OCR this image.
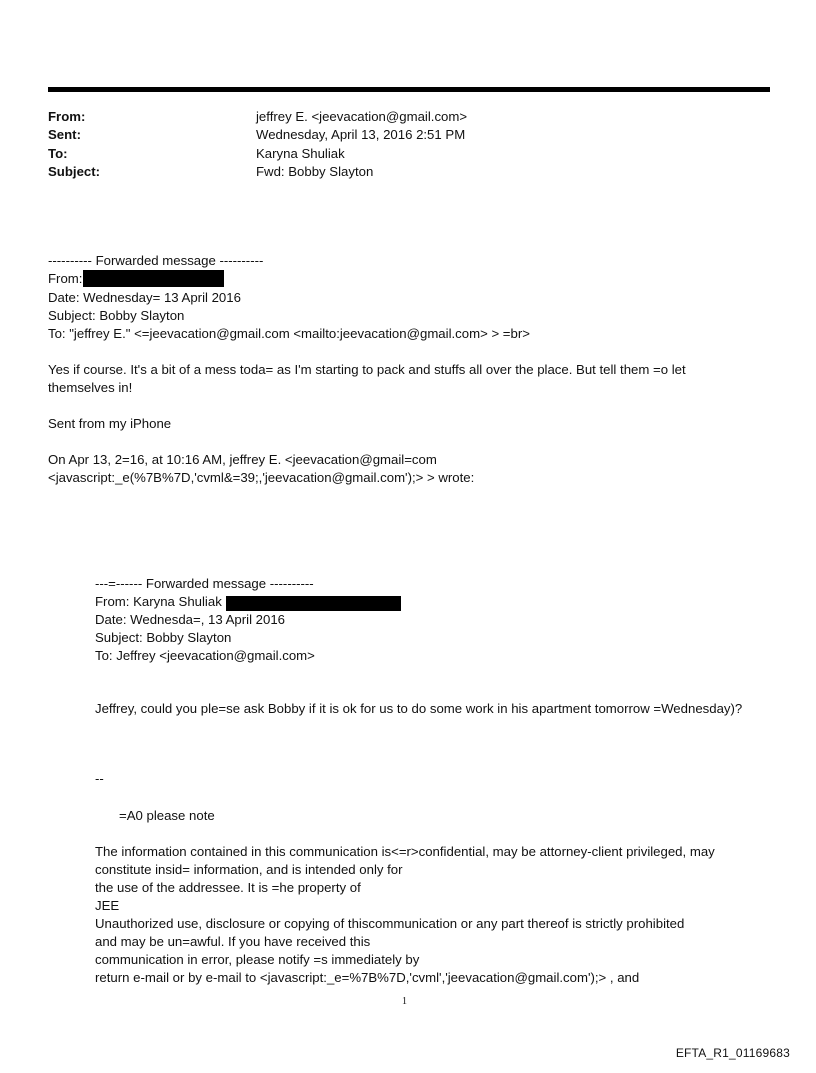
From:	jeffrey E. <jeevacation@gmail.com>
Sent:	Wednesday, April 13, 2016 2:51 PM
To:	Karyna Shuliak
Subject:	Fwd: Bobby Slayton
---------- Forwarded message ----------
From:
Date: Wednesday= 13 April 2016
Subject: Bobby Slayton
To: "jeffrey E." <=jeevacation@gmail.com <mailto:jeevacation@gmail.com> > =br>
Yes if course. It's a bit of a mess toda= as I'm starting to pack and stuffs all over the place. But tell them =o let
themselves in!
Sent from my iPhone
On Apr 13, 2=16, at 10:16 AM, jeffrey E. <jeevacation@gmail=com
<javascript:_e(%7B%7D,'cvml&=39;,'jeevacation@gmail.com');> > wrote:
---=------ Forwarded message ----------
From: Karyna Shuliak
Date: Wednesda=, 13 April 2016
Subject: Bobby Slayton
To: Jeffrey <jeevacation@gmail.com>
Jeffrey, could you ple=se ask Bobby if it is ok for us to do some work in his apartment tomorrow =Wednesday)?
--
=A0 please note
The information contained in this communication is<=r>confidential, may be attorney-client privileged, may
constitute insid= information, and is intended only for
the use of the addressee. It is =he property of
JEE
Unauthorized use, disclosure or copying of thiscommunication or any part thereof is strictly prohibited
and may be un=awful. If you have received this
communication in error, please notify =s immediately by
return e-mail or by e-mail to <javascript:_e=%7B%7D,'cvml','jeevacation@gmail.com');> , and
1
EFTA_R1_01169683
